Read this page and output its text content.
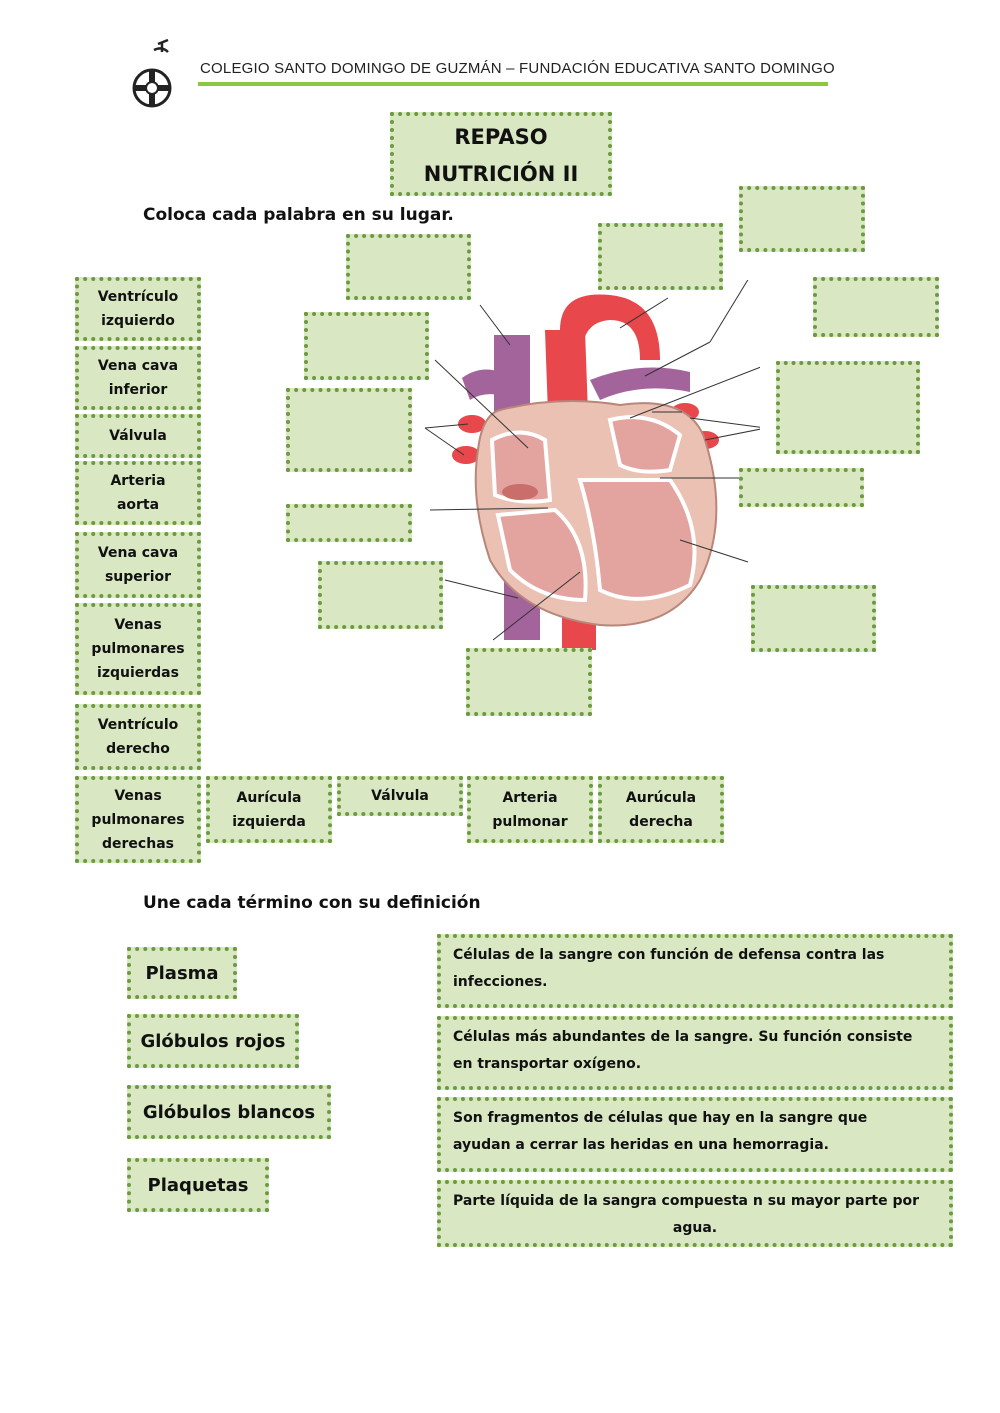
COLEGIO SANTO DOMINGO DE GUZMÁN – FUNDACIÓN EDUCATIVA SANTO DOMINGO
REPASO
NUTRICIÓN II
Coloca cada palabra en su lugar.
Ventrículo
izquierdo
Vena cava
inferior
Válvula
Arteria
aorta
Vena cava
superior
Venas
pulmonares
izquierdas
Ventrículo
derecho
Venas
pulmonares
derechas
Aurícula
izquierda
Válvula	Arteria
pulmonar
Aurúcula
derecha
Une cada término con su definición
Plasma
Glóbulos rojos
Glóbulos blancos
Plaquetas
Células de la sangre con función de defensa contra las
infecciones.
Células más abundantes de la sangre. Su función consiste
en transportar oxígeno.
Son fragmentos de células que hay en la sangre que
ayudan a cerrar las heridas en una hemorragia.
Parte líquida de la sangra compuesta n su mayor parte por
agua.
